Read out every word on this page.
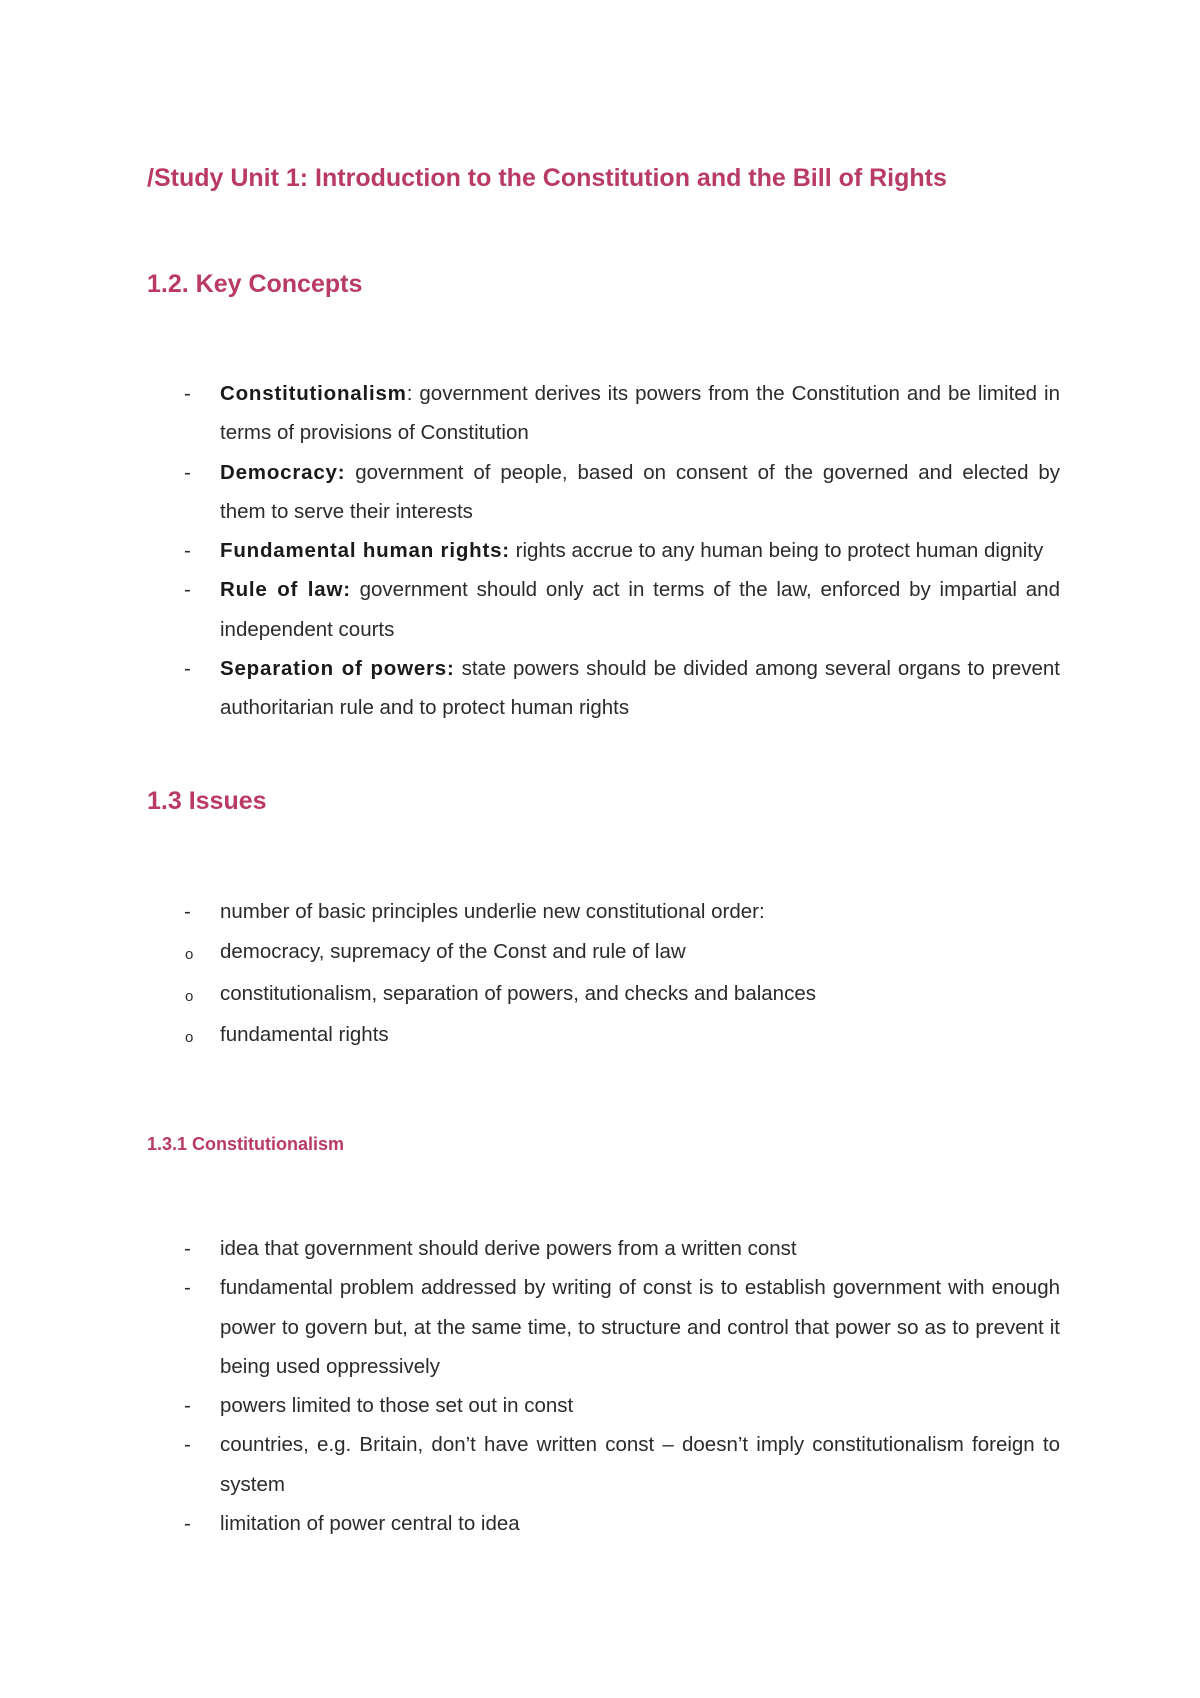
/Study Unit 1: Introduction to the Constitution and the Bill of Rights
1.2. Key Concepts
-	Constitutionalism: government derives its powers from the Constitution and be limited in terms of provisions of Constitution
-	Democracy: government of people, based on consent of the governed and elected by them to serve their interests
-	Fundamental human rights: rights accrue to any human being to protect human dignity
-	Rule of law: government should only act in terms of the law, enforced by impartial and independent courts
-	Separation of powers: state powers should be divided among several organs to prevent authoritarian rule and to protect human rights
1.3 Issues
-	number of basic principles underlie new constitutional order:
o democracy, supremacy of the Const and rule of law
o constitutionalism, separation of powers, and checks and balances
o fundamental rights
1.3.1 Constitutionalism
-	idea that government should derive powers from a written const
-	fundamental problem addressed by writing of const is to establish government with enough power to govern but, at the same time, to structure and control that power so as to prevent it being used oppressively
-	powers limited to those set out in const
-	countries, e.g. Britain, don’t have written const – doesn’t imply constitutionalism foreign to system
-	limitation of power central to idea
